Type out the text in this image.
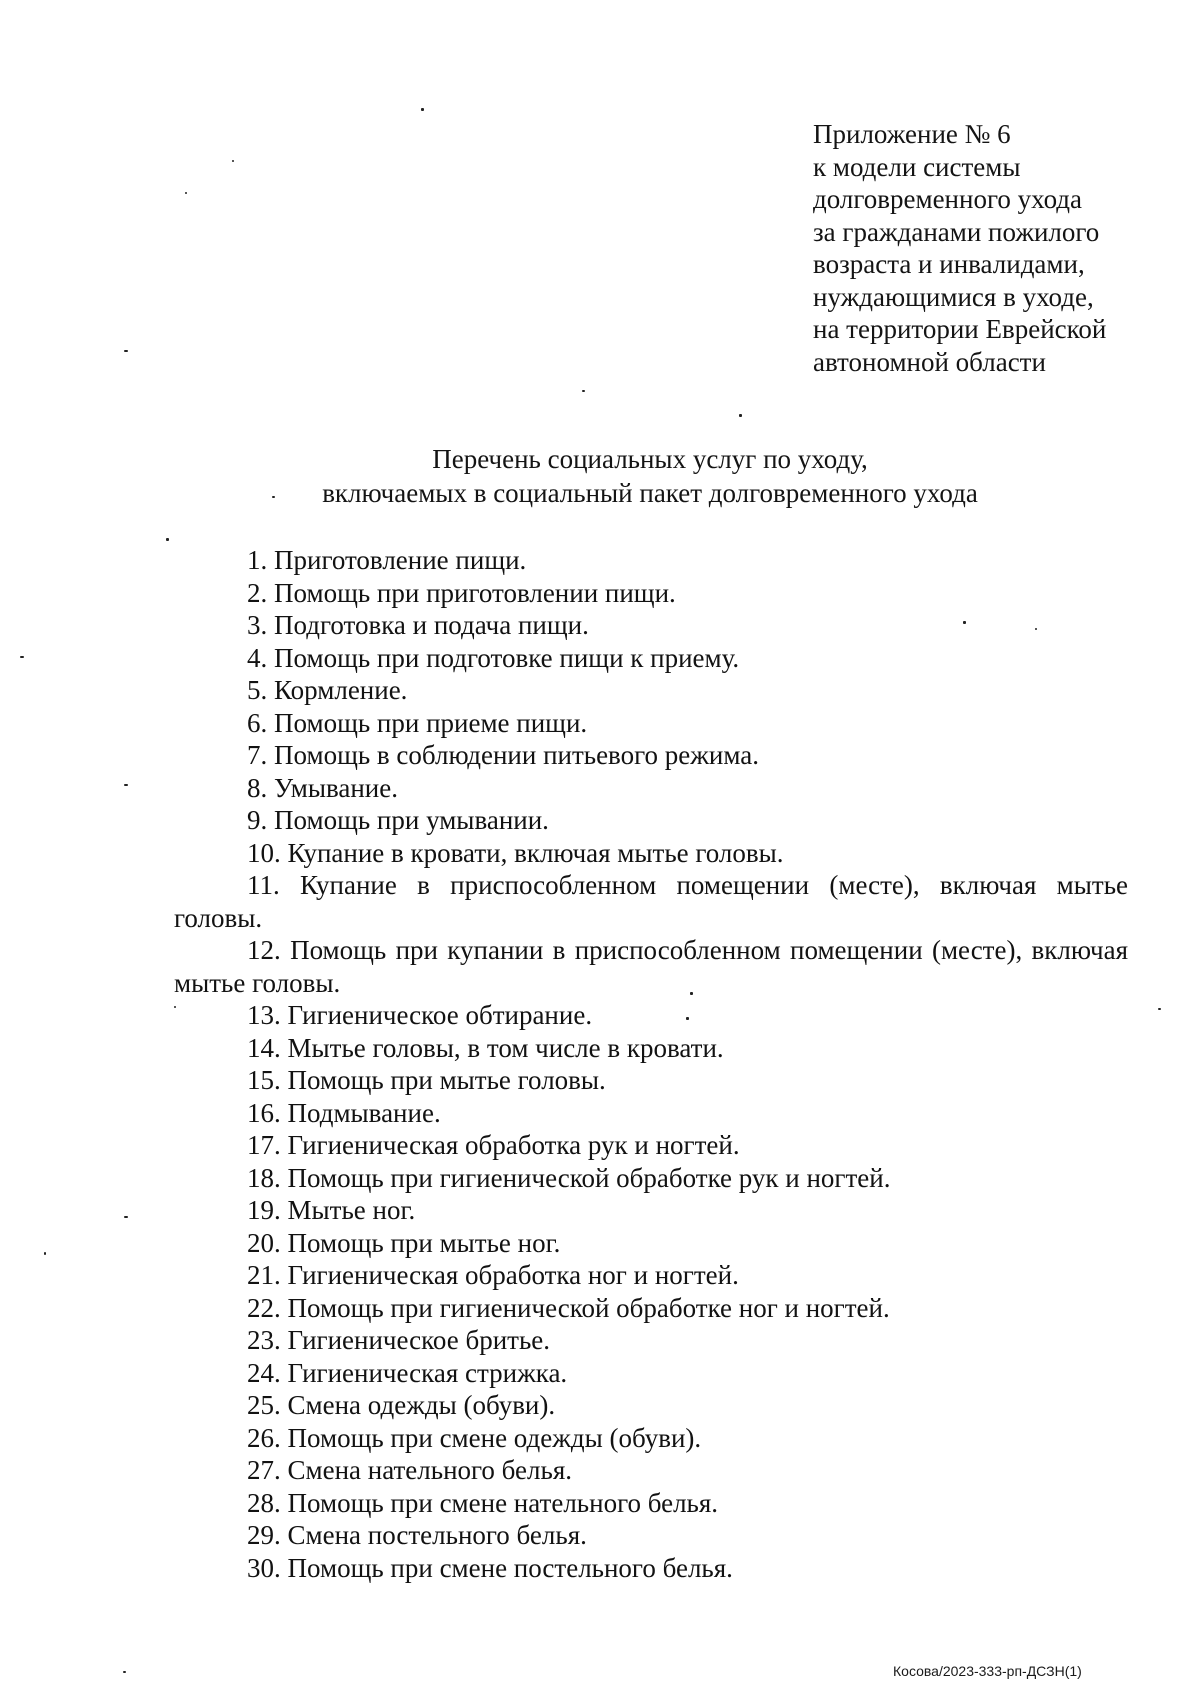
Приложение № 6
к модели системы
долговременного ухода
за гражданами пожилого
возраста и инвалидами,
нуждающимися в уходе,
на территории Еврейской
автономной области
Перечень социальных услуг по уходу,
включаемых в социальный пакет долговременного ухода
1. Приготовление пищи.
2. Помощь при приготовлении пищи.
3. Подготовка и подача пищи.
4. Помощь при подготовке пищи к приему.
5. Кормление.
6. Помощь при приеме пищи.
7. Помощь в соблюдении питьевого режима.
8. Умывание.
9. Помощь при умывании.
10. Купание в кровати, включая мытье головы.
11. Купание в приспособленном помещении (месте), включая мытье головы.
12. Помощь при купании в приспособленном помещении (месте), включая мытье головы.
13. Гигиеническое обтирание.
14. Мытье головы, в том числе в кровати.
15. Помощь при мытье головы.
16. Подмывание.
17. Гигиеническая обработка рук и ногтей.
18. Помощь при гигиенической обработке рук и ногтей.
19. Мытье ног.
20. Помощь при мытье ног.
21. Гигиеническая обработка ног и ногтей.
22. Помощь при гигиенической обработке ног и ногтей.
23. Гигиеническое бритье.
24. Гигиеническая стрижка.
25. Смена одежды (обуви).
26. Помощь при смене одежды (обуви).
27. Смена нательного белья.
28. Помощь при смене нательного белья.
29. Смена постельного белья.
30. Помощь при смене постельного белья.
Косова/2023-333-рп-ДСЗН(1)
